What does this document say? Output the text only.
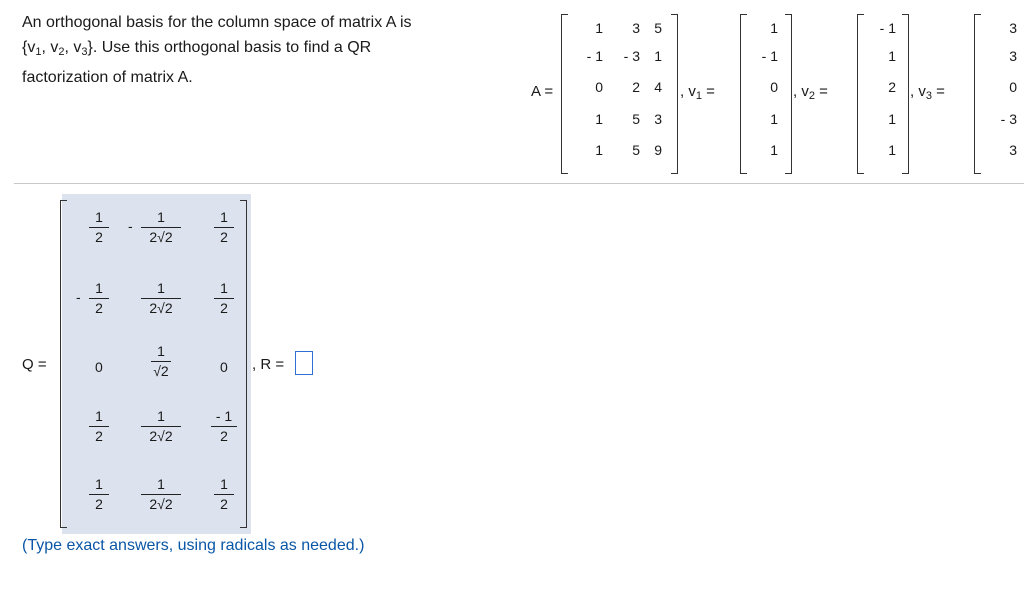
An orthogonal basis for the column space of matrix A is
{$v_1$, $v_2$, $v_3$}. Use this orthogonal basis to find a QR
factorization of matrix A.
A =
1 3 5
- 1 - 3 1
0 2 4
1 5 3
1 5 9
, $v_1$ =
1
- 1
0
1
1
, $v_2$ =
- 1
1
2
1
1
, $v_3$ =
3
3
0
- 3
3
Q =
1
2
1
2
-
0
1
2
1
2
1
2√2
-
1
2√2
1
√2
1
2√2
1
2√2
1
2
1
2
0
- 1
2
1
2
, R =
(Type exact answers, using radicals as needed.)
